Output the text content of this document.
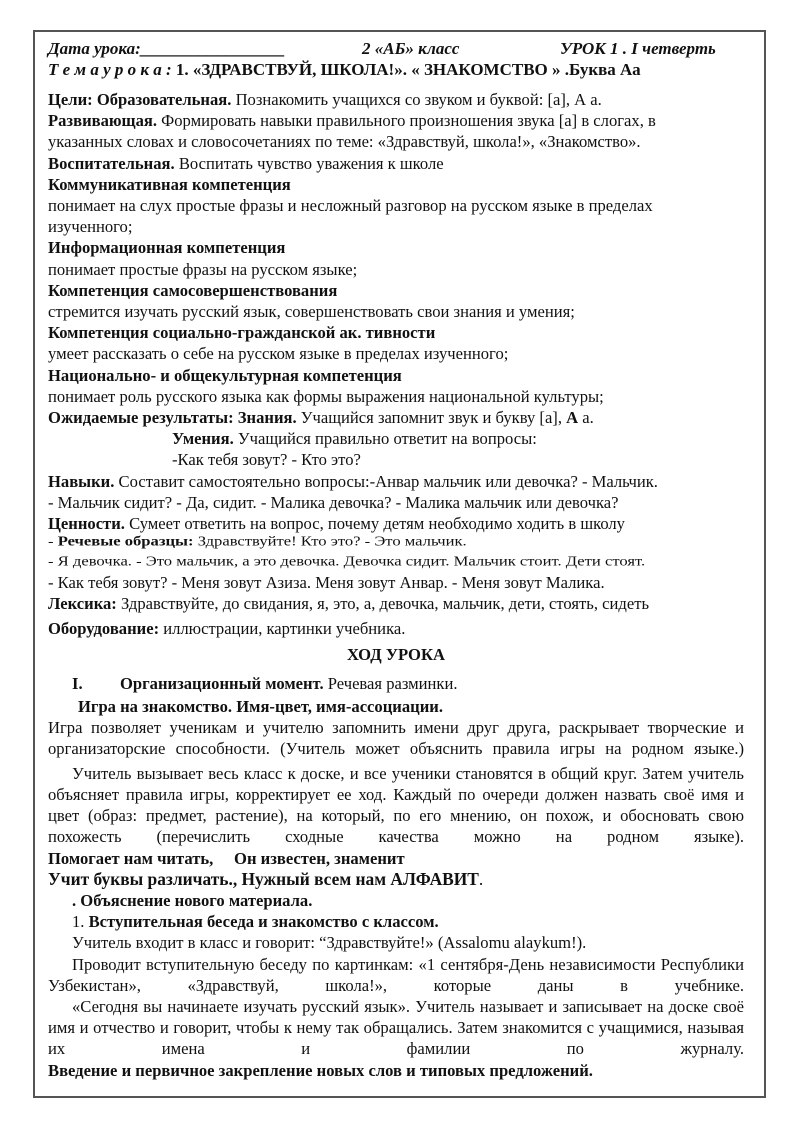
Дата урока:_________________	2 «АБ» класс	УРОК 1 . I четверть
Т е м а у р о к а : 1. «ЗДРАВСТВУЙ, ШКОЛА!». « ЗНАКОМСТВО » .Буква Аа
Цели: Образовательная. Познакомить учащихся со звуком и буквой: [а], А а.
Развивающая. Формировать навыки правильного произношения звука [а] в слогах, в
указанных словах и словосочетаниях по теме: «Здравствуй, школа!», «Знакомство».
Воспитательная. Воспитать чувство уважения к школе
Коммуникативная компетенция
понимает на слух простые фразы и несложный разговор на русском языке в пределах
изученного;
Информационная компетенция
понимает простые фразы на русском языке;
Компетенция самосовершенствования
стремится изучать русский язык, совершенствовать свои знания и умения;
Компетенция социально-гражданской ак. тивности
умеет рассказать о себе на русском языке в пределах изученного;
Национально- и общекультурная компетенция
понимает роль русского языка как формы выражения национальной культуры;
Ожидаемые результаты: Знания. Учащийся запомнит звук и букву [а], А а.
Умения. Учащийся правильно ответит на вопросы:
-Как тебя зовут? - Кто это?
Навыки. Составит самостоятельно вопросы:-Анвар мальчик или девочка? - Мальчик.
- Мальчик сидит? - Да, сидит. - Малика девочка? - Малика мальчик или девочка?
Ценности. Сумеет ответить на вопрос, почему детям необходимо ходить в школу
- Речевые образцы: Здравствуйте! Кто это? - Это мальчик.
- Я девочка. - Это мальчик, а это девочка. Девочка сидит. Мальчик стоит. Дети стоят.
- Как тебя зовут? - Меня зовут Азиза. Меня зовут Анвар. - Меня зовут Малика.
Лексика: Здравствуйте, до свидания, я, это, а, девочка, мальчик, дети, стоять, сидеть
Оборудование: иллюстрации, картинки учебника.
ХОД УРОКА
I. Организационный момент. Речевая разминки.
Игра на знакомство. Имя-цвет, имя-ассоциации.
Игра позволяет ученикам и учителю запомнить имени друг друга, раскрывает творческие и организаторские способности. (Учитель может объяснить правила игры на родном языке.)
Учитель вызывает весь класс к доске, и все ученики становятся в общий круг. Затем учитель объясняет правила игры, корректирует ее ход. Каждый по очереди должен назвать своё имя и цвет (образ: предмет, растение), на который, по его мнению, он похож, и обосновать свою похожесть (перечислить сходные качества можно на родном языке).
Помогает нам читать,     Он известен, знаменит
Учит буквы различать., Нужный всем нам АЛФАВИТ.
. Объяснение нового материала.
1. Вступительная беседа и знакомство с классом.
Учитель входит в класс и говорит: “Здравствуйте!» (Assalomu alaykum!).
Проводит вступительную беседу по картинкам: «1 сентября-День независимости Республики Узбекистан», «Здравствуй, школа!», которые даны в учебнике.
«Сегодня вы начинаете изучать русский язык». Учитель называет и записывает на доске своё имя и отчество и говорит, чтобы к нему так обращались. Затем знакомится с учащимися, называя их имена и фамилии по журналу.
Введение и первичное закрепление новых слов и типовых предложений.
